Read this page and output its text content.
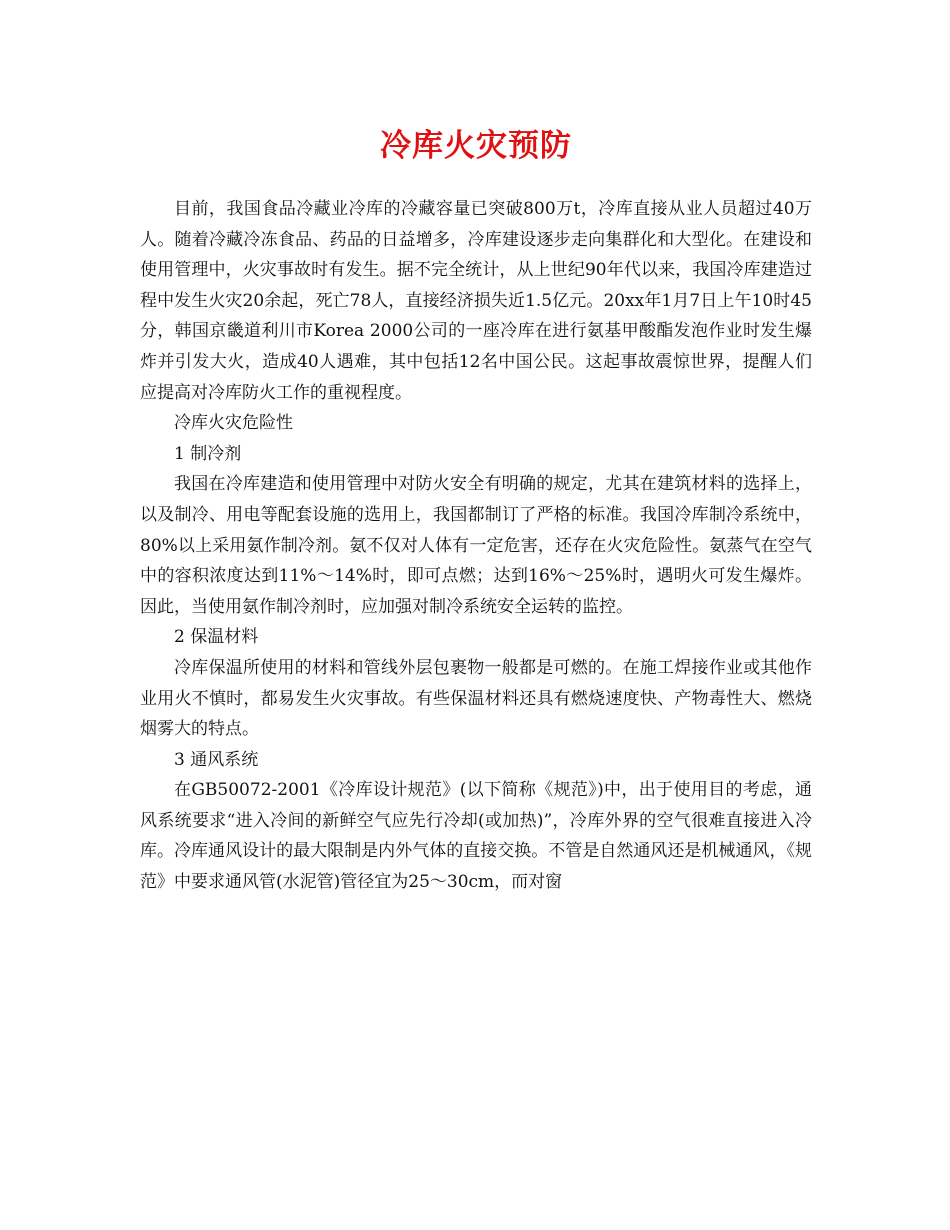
冷库火灾预防

目前，我国食品冷藏业冷库的冷藏容量已突破800万t，冷库直接从业人员超过40万人。随着冷藏冷冻食品、药品的日益增多，冷库建设逐步走向集群化和大型化。在建设和使用管理中，火灾事故时有发生。据不完全统计，从上世纪90年代以来，我国冷库建造过程中发生火灾20余起，死亡78人，直接经济损失近1.5亿元。20xx年1月7日上午10时45分，韩国京畿道利川市Korea 2000公司的一座冷库在进行氨基甲酸酯发泡作业时发生爆炸并引发大火，造成40人遇难，其中包括12名中国公民。这起事故震惊世界，提醒人们应提高对冷库防火工作的重视程度。

冷库火灾危险性

1 制冷剂

我国在冷库建造和使用管理中对防火安全有明确的规定，尤其在建筑材料的选择上，以及制冷、用电等配套设施的选用上，我国都制订了严格的标准。我国冷库制冷系统中，80%以上采用氨作制冷剂。氨不仅对人体有一定危害，还存在火灾危险性。氨蒸气在空气中的容积浓度达到11%～14%时，即可点燃；达到16%～25%时，遇明火可发生爆炸。因此，当使用氨作制冷剂时，应加强对制冷系统安全运转的监控。

2 保温材料

冷库保温所使用的材料和管线外层包裹物一般都是可燃的。在施工焊接作业或其他作业用火不慎时，都易发生火灾事故。有些保温材料还具有燃烧速度快、产物毒性大、燃烧烟雾大的特点。

3 通风系统

在GB50072-2001《冷库设计规范》(以下简称《规范》)中，出于使用目的考虑，通风系统要求“进入冷间的新鲜空气应先行冷却(或加热)”，冷库外界的空气很难直接进入冷库。冷库通风设计的最大限制是内外气体的直接交换。不管是自然通风还是机械通风，《规范》中要求通风管(水泥管)管径宜为25～30cm，而对窗
